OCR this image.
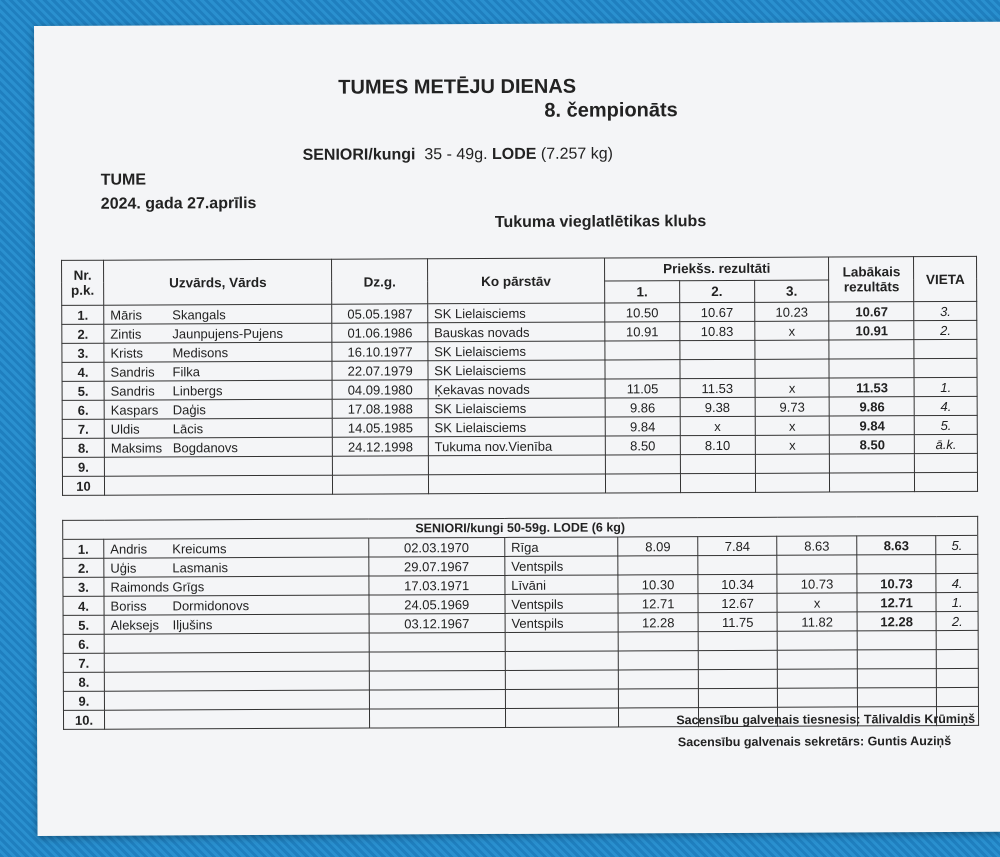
TUMES METĒJU DIENAS
8. čempionāts
SENIORI/kungi 35 - 49g. LODE (7.257 kg)
TUME
2024. gada 27.aprīlis
Tukuma vieglatlētikas klubs
Nr.
p.k.	Uzvārds, Vārds	Dz.g.	Ko pārstāv	Priekšs. rezultāti			Labākais rezultāts	VIETA
				1.	2.	3.		
1.	Māris Skangals	05.05.1987	SK Lielaisciems	10.50	10.67	10.23	10.67	3.
2.	Zintis Jaunpujens-Pujens	01.06.1986	Bauskas novads	10.91	10.83	x	10.91	2.
3.	Krists Medisons	16.10.1977	SK Lielaisciems					
4.	Sandris Filka	22.07.1979	SK Lielaisciems					
5.	Sandris Linbergs	04.09.1980	Ķekavas novads	11.05	11.53	x	11.53	1.
6.	Kaspars Daģis	17.08.1988	SK Lielaisciems	9.86	9.38	9.73	9.86	4.
7.	Uldis Lācis	14.05.1985	SK Lielaisciems	9.84	x	x	9.84	5.
8.	Maksims Bogdanovs	24.12.1998	Tukuma nov.Vienība	8.50	8.10	x	8.50	ā.k.
9.								
10								
SENIORI/kungi 50-59g. LODE (6 kg)								
1.	Andris Kreicums	02.03.1970	Rīga	8.09	7.84	8.63	8.63	5.
2.	Uģis Lasmanis	29.07.1967	Ventspils					
3.	Raimonds Grīgs	17.03.1971	Līvāni	10.30	10.34	10.73	10.73	4.
4.	Boriss Dormidonovs	24.05.1969	Ventspils	12.71	12.67	x	12.71	1.
5.	Aleksejs Iljušins	03.12.1967	Ventspils	12.28	11.75	11.82	12.28	2.
6.								
7.								
8.								
9.								
10.									Sacensību galvenais tiesnesis: Tālivaldis Krūmiņš
Sacensību galvenais sekretārs: Guntis Auziņš
